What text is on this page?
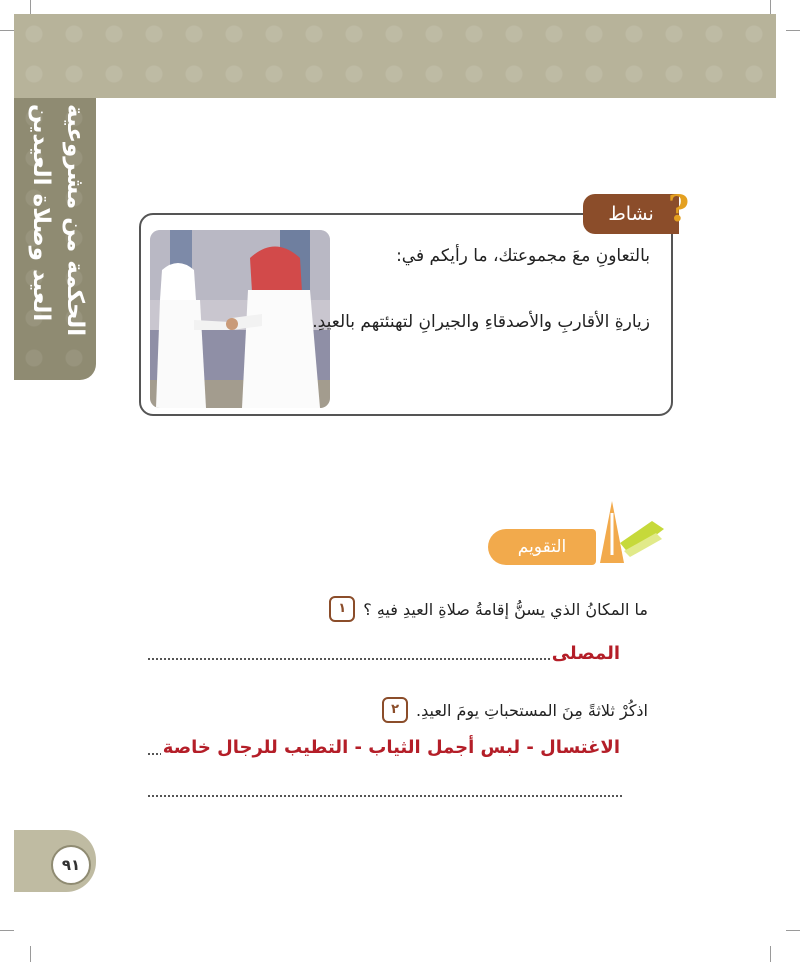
الحكمة من مشروعية العيد وصلاة العيدين	نشاط ?
بالتعاونِ معَ مجموعتك، ما رأيكم في:
زيارةِ الأقاربِ والأصدقاءِ والجيرانِ لتهنئتهم بالعيدِ.
التقويم
١	ما المكانُ الذي يسنُّ إقامةُ صلاةِ العيدِ فيهِ ؟
المصلى
٢	اذكُرْ ثلاثةً مِنَ المستحباتِ يومَ العيدِ.
الاغتسال - لبس أجمل الثياب - التطيب للرجال خاصة
٩١
